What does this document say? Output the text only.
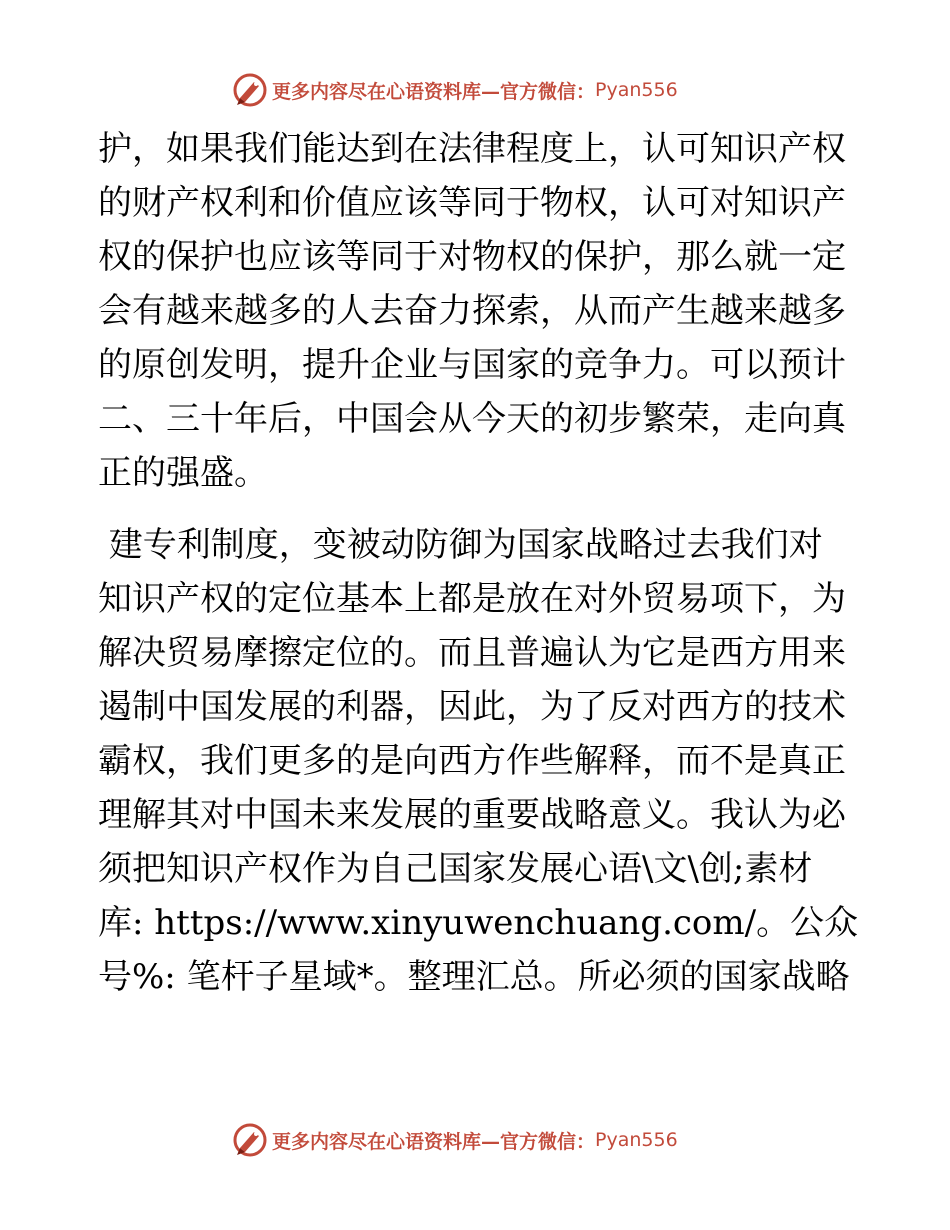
更多内容尽在心语资料库—官方微信： Pyan556
护，如果我们能达到在法律程度上，认可知识产权
的财产权利和价值应该等同于物权，认可对知识产
权的保护也应该等同于对物权的保护，那么就一定
会有越来越多的人去奋力探索，从而产生越来越多
的原创发明，提升企业与国家的竞争力。可以预计
二、三十年后，中国会从今天的初步繁荣，走向真
正的强盛。
建专利制度，变被动防御为国家战略过去我们对
知识产权的定位基本上都是放在对外贸易项下，为
解决贸易摩擦定位的。而且普遍认为它是西方用来
遏制中国发展的利器，因此，为了反对西方的技术
霸权，我们更多的是向西方作些解释，而不是真正
理解其对中国未来发展的重要战略意义。我认为必
须把知识产权作为自己国家发展心语\文\创;素材
库: https://www.xinyuwenchuang.com/。公众
号%: 笔杆子星域*。整理汇总。所必须的国家战略
更多内容尽在心语资料库—官方微信： Pyan556
